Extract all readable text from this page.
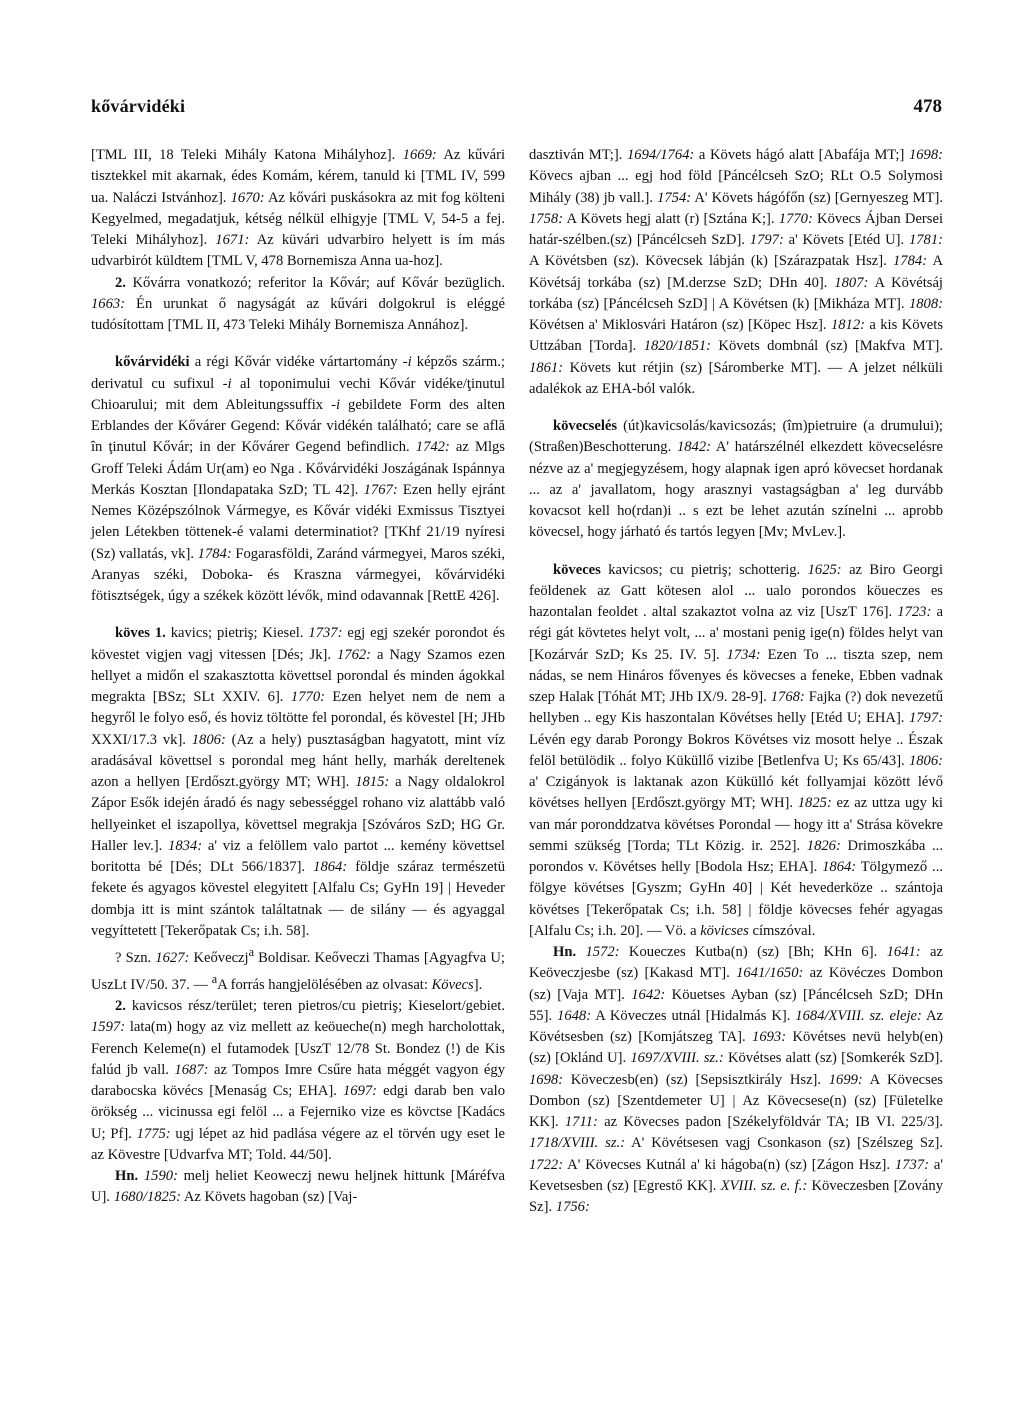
kővárvidéki	478

[TML III, 18 Teleki Mihály Katona Mihályhoz]. 1669: Az kűvári tisztekkel mit akarnak, édes Komám, kérem, tanuld ki [TML IV, 599 ua. Naláczi Istvánhoz]. 1670: Az kővári puskásokra az mit fog költeni Kegyelmed, megadatjuk, kétség nélkül elhigyje [TML V, 54-5 a fej. Teleki Mihályhoz]. 1671: Az küvári udvarbiro helyett is ím más udvarbirót küldtem [TML V, 478 Bornemisza Anna ua-hoz].

2. Kővárra vonatkozó; referitor la Kővár; auf Kővár bezüglich. 1663: Én urunkat ő nagyságát az kűvári dolgokrul is eléggé tudósítottam [TML II, 473 Teleki Mihály Bornemisza Annához].

kővárvidéki a régi Kővár vidéke vártartomány -i képzős szárm.; derivatul cu sufixul -i al toponimului vechi Kővár vidéke/ţinutul Chioarului; mit dem Ableitungssuffix -i gebildete Form des alten Erblandes der Kővárer Gegend: Kővár vidékén található; care se află în ţinutul Kővár; in der Kővárer Gegend befindlich. 1742: az Mlgs Groff Teleki Ádám Ur(am) eo Nga . Kővárvidéki Joszágának Ispánnya Merkás Kosztan [Ilondapataka SzD; TL 42]. 1767: Ezen helly ejránt Nemes Középszólnok Vármegye, es Kővár vidéki Exmissus Tisztyei jelen Létekben töttenek-é valami determinatiot? [TKhf 21/19 nyíresi (Sz) vallatás, vk]. 1784: Fogarasföldi, Zaránd vármegyei, Maros széki, Aranyas széki, Doboka- és Kraszna vármegyei, kővárvidéki fötisztségek, úgy a székek között lévők, mind odavannak [RettE 426].

köves 1. kavics; pietriş; Kiesel. 1737: egj egj szekér porondot és kövestet vigjen vagj vitessen [Dés; Jk]. 1762: a Nagy Szamos ezen hellyet a midőn el szakasztotta követtsel porondal és minden ágokkal megrakta [BSz; SLt XXIV. 6]. 1770: Ezen helyet nem de nem a hegyről le folyo eső, és hoviz töltötte fel porondal, és kövestel [H; JHb XXXI/17.3 vk]. 1806: (Az a hely) pusztaságban hagyatott, mint víz aradásával követtsel s porondal meg hánt helly, marhák dereltenek azon a hellyen [Erdőszt.györgy MT; WH]. 1815: a Nagy oldalokrol Zápor Esők idején áradó és nagy sebességgel rohano viz alattább való hellyeinket el iszapollya, követtsel megrakja [Szóváros SzD; HG Gr. Haller lev.]. 1834: a' viz a felöllem valo partot ... kemény követtsel boritotta bé [Dés; DLt 566/1837]. 1864: földje száraz természetü fekete és agyagos kövestel elegyitett [Alfalu Cs; GyHn 19] | Heveder dombja itt is mint szántok találtatnak — de silány — és agyaggal vegyíttetett [Tekerőpatak Cs; i.h. 58].

? Szn. 1627: Keőveczj$^a$ Boldisar. Keőveczi Thamas [Agyagfva U; UszLt IV/50. 37. — $^a$A forrás hangjelölésében az olvasat: Kövecs].

2. kavicsos rész/terület; teren pietros/cu pietriş; Kieselort/gebiet. 1597: lata(m) hogy az viz mellett az keöueche(n) megh harcholottak, Ferench Keleme(n) el futamodek [UszT 12/78 St. Bondez (!) de Kis falúd jb vall. 1687: az Tompos Imre Csűre hata méggét vagyon égy darabocska kövécs [Menaság Cs; EHA]. 1697: edgi darab ben valo örökség ... vicinussa egi felöl ... a Fejerniko vize es kövctse [Kadács U; Pf]. 1775: ugj lépet az hid padlása végere az el törvén ugy eset le az Kövestre [Udvarfva MT; Told. 44/50].

Hn. 1590: melj heliet Keoweczj newu heljnek hittunk [Máréfva U]. 1680/1825: Az Követs hagoban (sz) [Vaj-

dasztiván MT;]. 1694/1764: a Követs hágó alatt [Abafája MT;] 1698: Kövecs ajban ... egj hod föld [Páncélcseh SzO; RLt O.5 Solymosi Mihály (38) jb vall.]. 1754: A' Követs hágófőn (sz) [Gernyeszeg MT]. 1758: A Követs hegj alatt (r) [Sztána K;]. 1770: Kövecs Ájban Dersei határ-szélben.(sz) [Páncélcseh SzD]. 1797: a' Követs [Etéd U]. 1781: A Kövétsben (sz). Kövecsek lábján (k) [Szárazpatak Hsz]. 1784: A Kövétsáj torkába (sz) [M.derzse SzD; DHn 40]. 1807: A Kövétsáj torkába (sz) [Páncélcseh SzD] | A Kövétsen (k) [Mikháza MT]. 1808: Kövétsen a' Miklosvári Határon (sz) [Köpec Hsz]. 1812: a kis Követs Uttzában [Torda]. 1820/1851: Követs dombnál (sz) [Makfva MT]. 1861: Követs kut rétjin (sz) [Sáromberke MT]. — A jelzet nélküli adalékok az EHA-ból valók.

kövecselés (út)kavicsolás/kavicsozás; (îm)pietruire (a drumului); (Straßen)Beschotterung. 1842: A' határszélnél elkezdett kövecselésre nézve az a' megjegyzésem, hogy alapnak igen apró kövecset hordanak ... az a' javallatom, hogy arasznyi vastagságban a' leg durvább kovacsot kell ho(rdan)i .. s ezt be lehet azután színelni ... aprobb kövecsel, hogy járható és tartós legyen [Mv; MvLev.].

köveces kavicsos; cu pietriş; schotterig. 1625: az Biro Georgi feöldenek az Gatt kötesen alol ... ualo porondos köueczes es hazontalan feoldet . altal szakaztot volna az viz [UszT 176]. 1723: a régi gát kövtetes helyt volt, ... a' mostani penig ige(n) földes helyt van [Kozárvár SzD; Ks 25. IV. 5]. 1734: Ezen To ... tiszta szep, nem nádas, se nem Hináros fővenyes és kövecses a feneke, Ebben vadnak szep Halak [Tóhát MT; JHb IX/9. 28-9]. 1768: Fajka (?) dok nevezetű hellyben .. egy Kis haszontalan Kövétses helly [Etéd U; EHA]. 1797: Lévén egy darab Porongy Bokros Kövétses viz mosott helye .. Észak felöl betülödik .. folyo Küküllő vizibe [Betlenfva U; Ks 65/43]. 1806: a' Czigányok is laktanak azon Kükülló két follyamjai között lévő kövétses hellyen [Erdőszt.györgy MT; WH]. 1825: ez az uttza ugy ki van már poronddzatva kövétses Porondal — hogy itt a' Strása kövekre semmi szükség [Torda; TLt Közig. ir. 252]. 1826: Drimoszkába ... porondos v. Kövétses helly [Bodola Hsz; EHA]. 1864: Tölgymező ... fölgye kövétses [Gyszm; GyHn 40] | Két hevederköze .. szántoja kövétses [Tekerőpatak Cs; i.h. 58] | földje kövecses fehér agyagas [Alfalu Cs; i.h. 20]. — Vö. a kövicses címszóval.

Hn. 1572: Koueczes Kutba(n) (sz) [Bh; KHn 6]. 1641: az Keöveczjesbe (sz) [Kakasd MT]. 1641/1650: az Kövéczes Dombon (sz) [Vaja MT]. 1642: Köuetses Ayban (sz) [Páncélcseh SzD; DHn 55]. 1648: A Köveczes utnál [Hidalmás K]. 1684/XVIII. sz. eleje: Az Kövétsesben (sz) [Komjátszeg TA]. 1693: Kövétses nevü helyb(en) (sz) [Oklánd U]. 1697/XVIII. sz.: Kövétses alatt (sz) [Somkerék SzD]. 1698: Köveczesb(en) (sz) [Sepsisztkirály Hsz]. 1699: A Kövecses Dombon (sz) [Szentdemeter U] | Az Kövecsese(n) (sz) [Fületelke KK]. 1711: az Kövecses padon [Székelyföldvár TA; IB VI. 225/3]. 1718/XVIII. sz.: A' Kövétsesen vagj Csonkason (sz) [Szélszeg Sz]. 1722: A' Kövecses Kutnál a' ki hágoba(n) (sz) [Zágon Hsz]. 1737: a' Kevetsesben (sz) [Egrestő KK]. XVIII. sz. e. f.: Köveczesben [Zovány Sz]. 1756:
